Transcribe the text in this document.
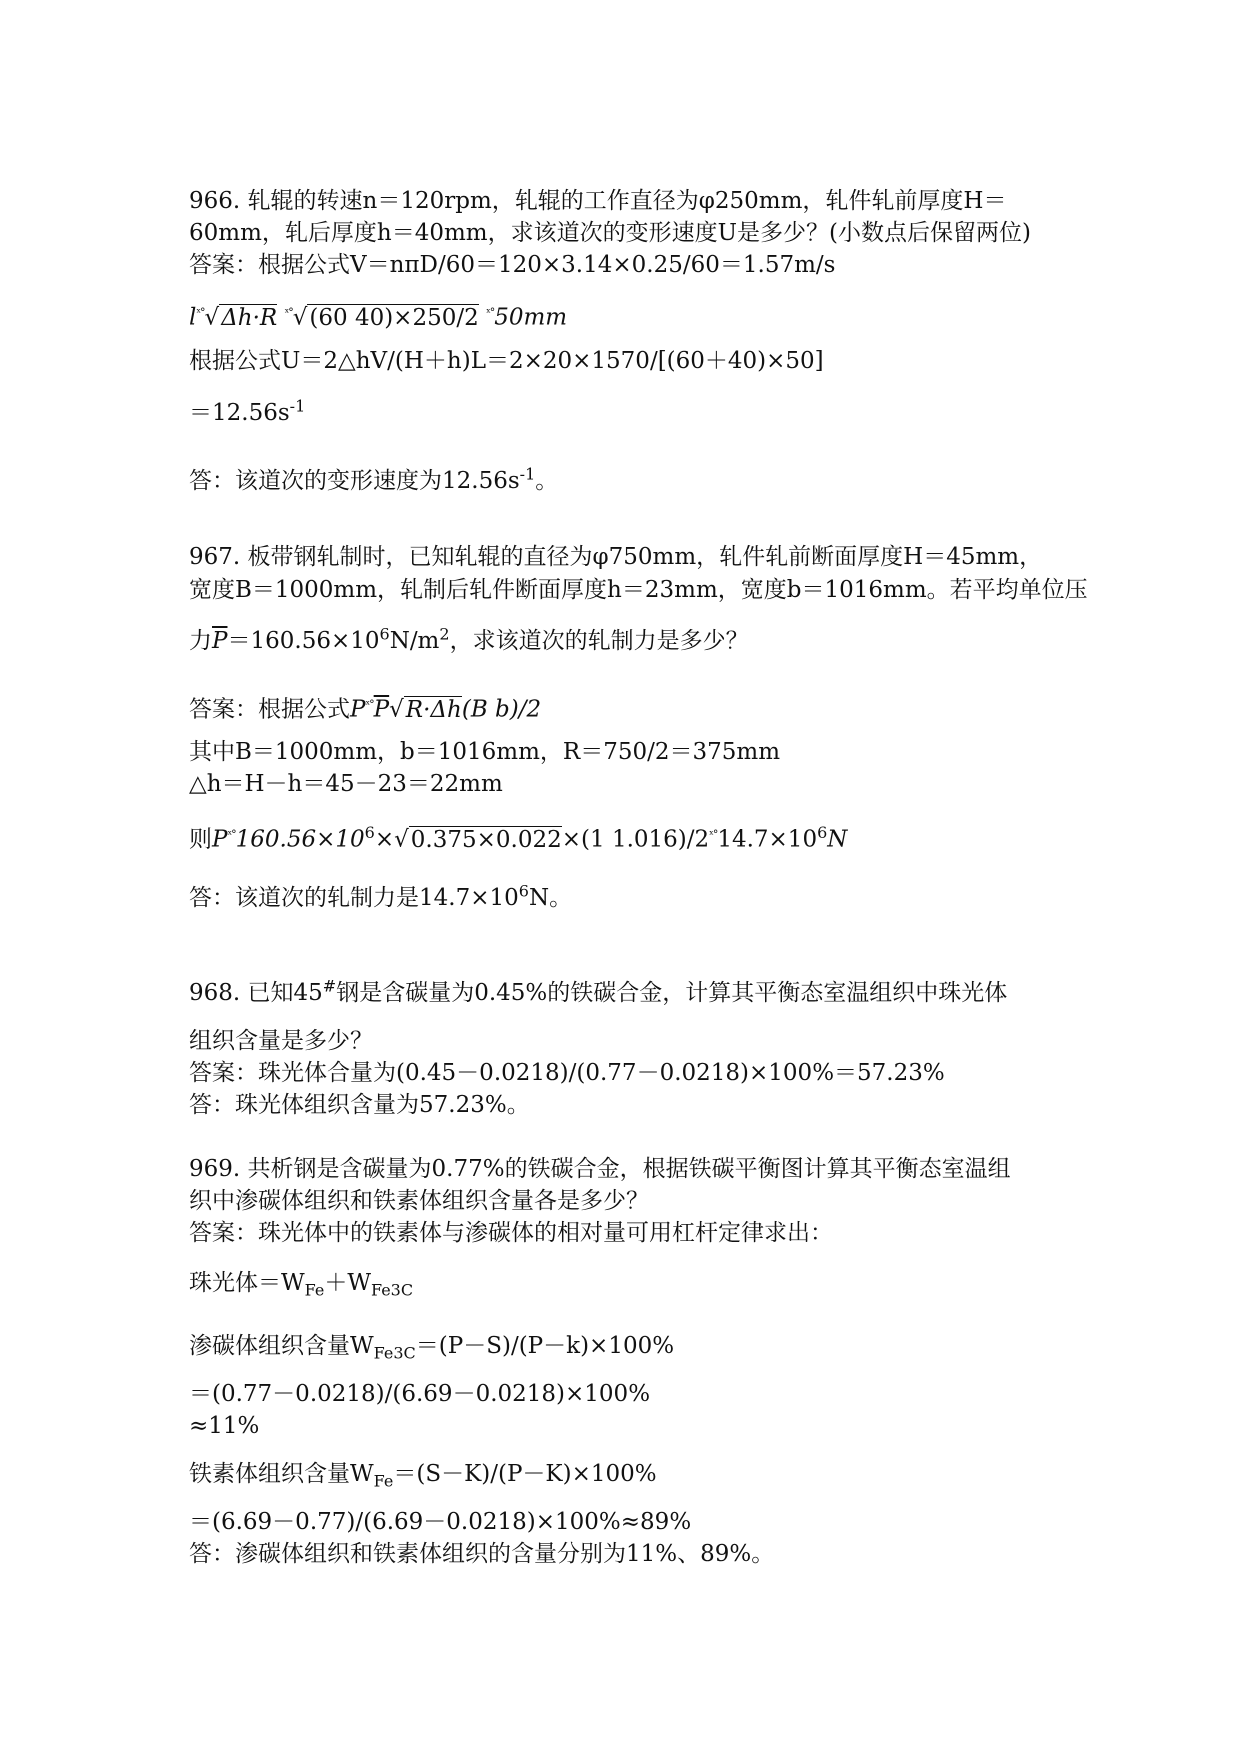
966. 轧辊的转速n＝120rpm，轧辊的工作直径为φ250mm，轧件轧前厚度H＝
60mm，轧后厚度h＝40mm，求该道次的变形速度U是多少？(小数点后保留两位)
答案：根据公式V＝nπD/60＝120×3.14×0.25/60＝1.57m/s
$l^{ˣ^\circ}√\Delta h\cdot R$ $^{ˣ^\circ}$√(60 40)×250/2 $^{ˣ^\circ}$50mm
根据公式U＝2△hV/(H＋h)L＝2×20×1570/[(60＋40)×50]
$=12.56s^{-1}$
答：该道次的变形速度为$12.56s^{-1}$。
967. 板带钢轧制时，已知轧辊的直径为φ750mm，轧件轧前断面厚度H＝45mm，
宽度B＝1000mm，轧制后轧件断面厚度h＝23mm，宽度b＝1016mm。若平均单位压
力$\overline{P}=160.56\times 10^6N/m^2$，求该道次的轧制力是多少？
答案：根据公式$P^{ˣ^\circ}\overline{P}√R\cdot\Delta h(B$ b)/2
其中B＝1000mm，b＝1016mm，R＝750/2＝375mm
△h＝H－h＝45－23＝22mm
则$P^{ˣ^\circ}160.56\times 10^6\times√0.375\times 0.022\times(1$ $1.016)/2^{ˣ^\circ}14.7\times 10^6N$
答：该道次的轧制力是$14.7\times 10^6N$。
968. 已知45#钢是含碳量为0.45%的铁碳合金，计算其平衡态室温组织中珠光体
组织含量是多少？
答案：珠光体合量为(0.45－0.0218)/(0.77－0.0218)×100%＝57.23%
答：珠光体组织含量为57.23%。
969. 共析钢是含碳量为0.77%的铁碳合金，根据铁碳平衡图计算其平衡态室温组
织中渗碳体组织和铁素体组织含量各是多少？
答案：珠光体中的铁素体与渗碳体的相对量可用杠杆定律求出：
珠光体$=W_{Fe}+W_{Fe3C}$
渗碳体组织含量$W_{Fe3C}=(P-S)/(P-k)\times 100\%$
＝(0.77－0.0218)/(6.69－0.0218)×100%
≈11%
铁素体组织含量$W_{Fe}=(S-K)/(P-K)\times 100\%$
＝(6.69－0.77)/(6.69－0.0218)×100%≈89%
答：渗碳体组织和铁素体组织的含量分别为11%、89%。
